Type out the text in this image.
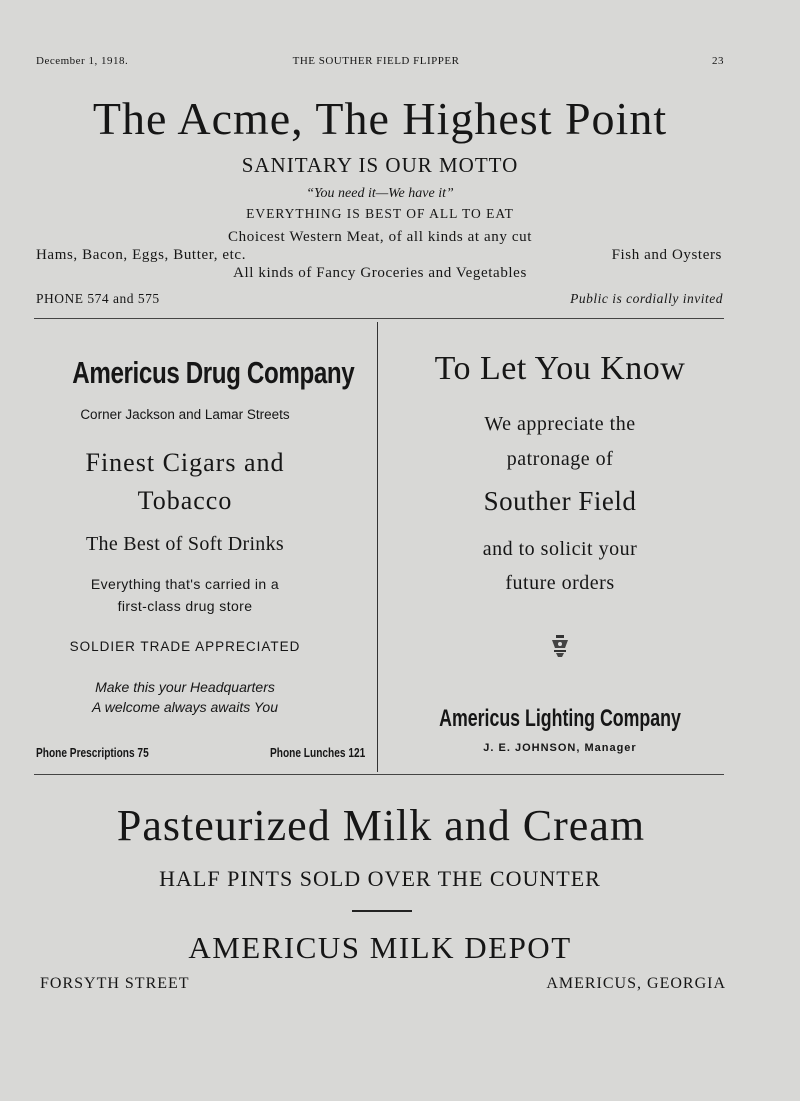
December 1, 1918.	THE SOUTHER FIELD FLIPPER	23
The Acme, The Highest Point
SANITARY IS OUR MOTTO
“You need it—We have it”
EVERYTHING IS BEST OF ALL TO EAT
Choicest Western Meat, of all kinds at any cut
Hams, Bacon, Eggs, Butter, etc.	Fish and Oysters
All kinds of Fancy Groceries and Vegetables
PHONE 574 and 575	Public is cordially invited
Americus Drug Company
Corner Jackson and Lamar Streets
Finest Cigars and
Tobacco
The Best of Soft Drinks
Everything that's carried in a
first-class drug store
SOLDIER TRADE APPRECIATED
Make this your Headquarters
A welcome always awaits You
Phone Prescriptions 75	Phone Lunches 121
To Let You Know
We appreciate the
patronage of
Souther Field
and to solicit your
future orders
Americus Lighting Company
J. E. JOHNSON, Manager
Pasteurized Milk and Cream
HALF PINTS SOLD OVER THE COUNTER
AMERICUS MILK DEPOT
FORSYTH STREET	AMERICUS, GEORGIA
